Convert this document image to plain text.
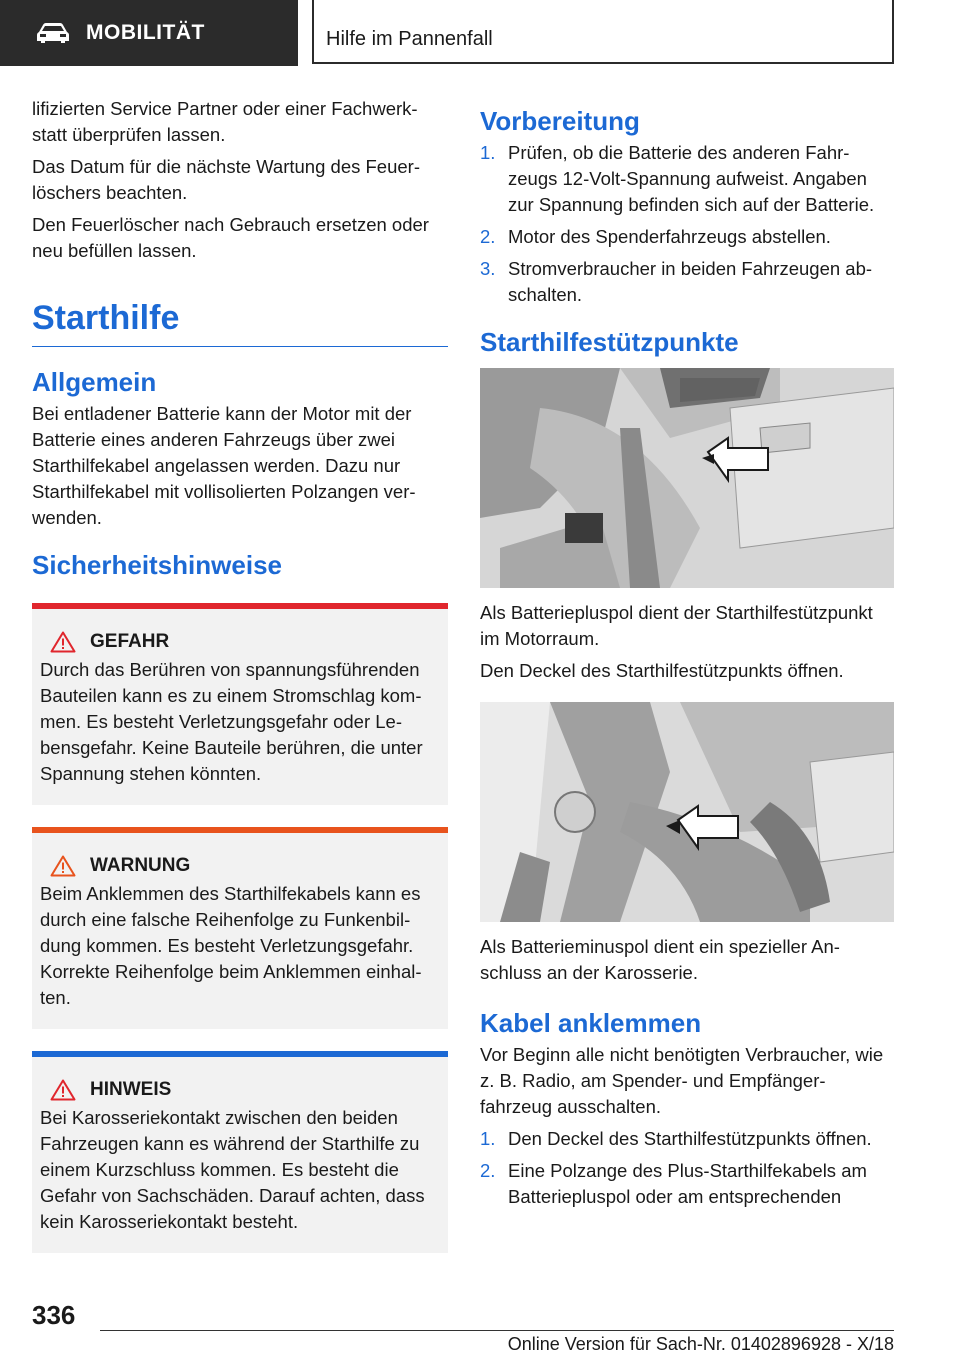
MOBILITÄT	Hilfe im Pannenfall

lifizierten Service Partner oder einer Fachwerk-statt überprüfen lassen.

Das Datum für die nächste Wartung des Feuer-löschers beachten.

Den Feuerlöscher nach Gebrauch ersetzen oder neu befüllen lassen.

Starthilfe
Allgemein

Bei entladener Batterie kann der Motor mit der Batterie eines anderen Fahrzeugs über zwei Starthilfekabel angelassen werden. Dazu nur Starthilfekabel mit vollisolierten Polzangen ver-wenden.

Sicherheitshinweise
GEFAHR

Durch das Berühren von spannungsführenden Bauteilen kann es zu einem Stromschlag kom-men. Es besteht Verletzungsgefahr oder Le-bensgefahr. Keine Bauteile berühren, die unter Spannung stehen könnten.

WARNUNG

Beim Anklemmen des Starthilfekabels kann es durch eine falsche Reihenfolge zu Funkenbil-dung kommen. Es besteht Verletzungsgefahr. Korrekte Reihenfolge beim Anklemmen einhal-ten.

HINWEIS

Bei Karosseriekontakt zwischen den beiden Fahrzeugen kann es während der Starthilfe zu einem Kurzschluss kommen. Es besteht die Gefahr von Sachschäden. Darauf achten, dass kein Karosseriekontakt besteht.

Vorbereitung
1. Prüfen, ob die Batterie des anderen Fahr-zeugs 12-Volt-Spannung aufweist. Angaben zur Spannung befinden sich auf der Batterie.
2. Motor des Spenderfahrzeugs abstellen.
3. Stromverbraucher in beiden Fahrzeugen ab-schalten.
Starthilfestützpunkte

Als Batteriepluspol dient der Starthilfestützpunkt im Motorraum.

Den Deckel des Starthilfestützpunkts öffnen.

Als Batterieminuspol dient ein spezieller An-schluss an der Karosserie.

Kabel anklemmen

Vor Beginn alle nicht benötigten Verbraucher, wie z. B. Radio, am Spender- und Empfänger-fahrzeug ausschalten.

1. Den Deckel des Starthilfestützpunkts öffnen.
2. Eine Polzange des Plus-Starthilfekabels am Batteriepluspol oder am entsprechenden
336
Online Version für Sach-Nr. 01402896928 - X/18
